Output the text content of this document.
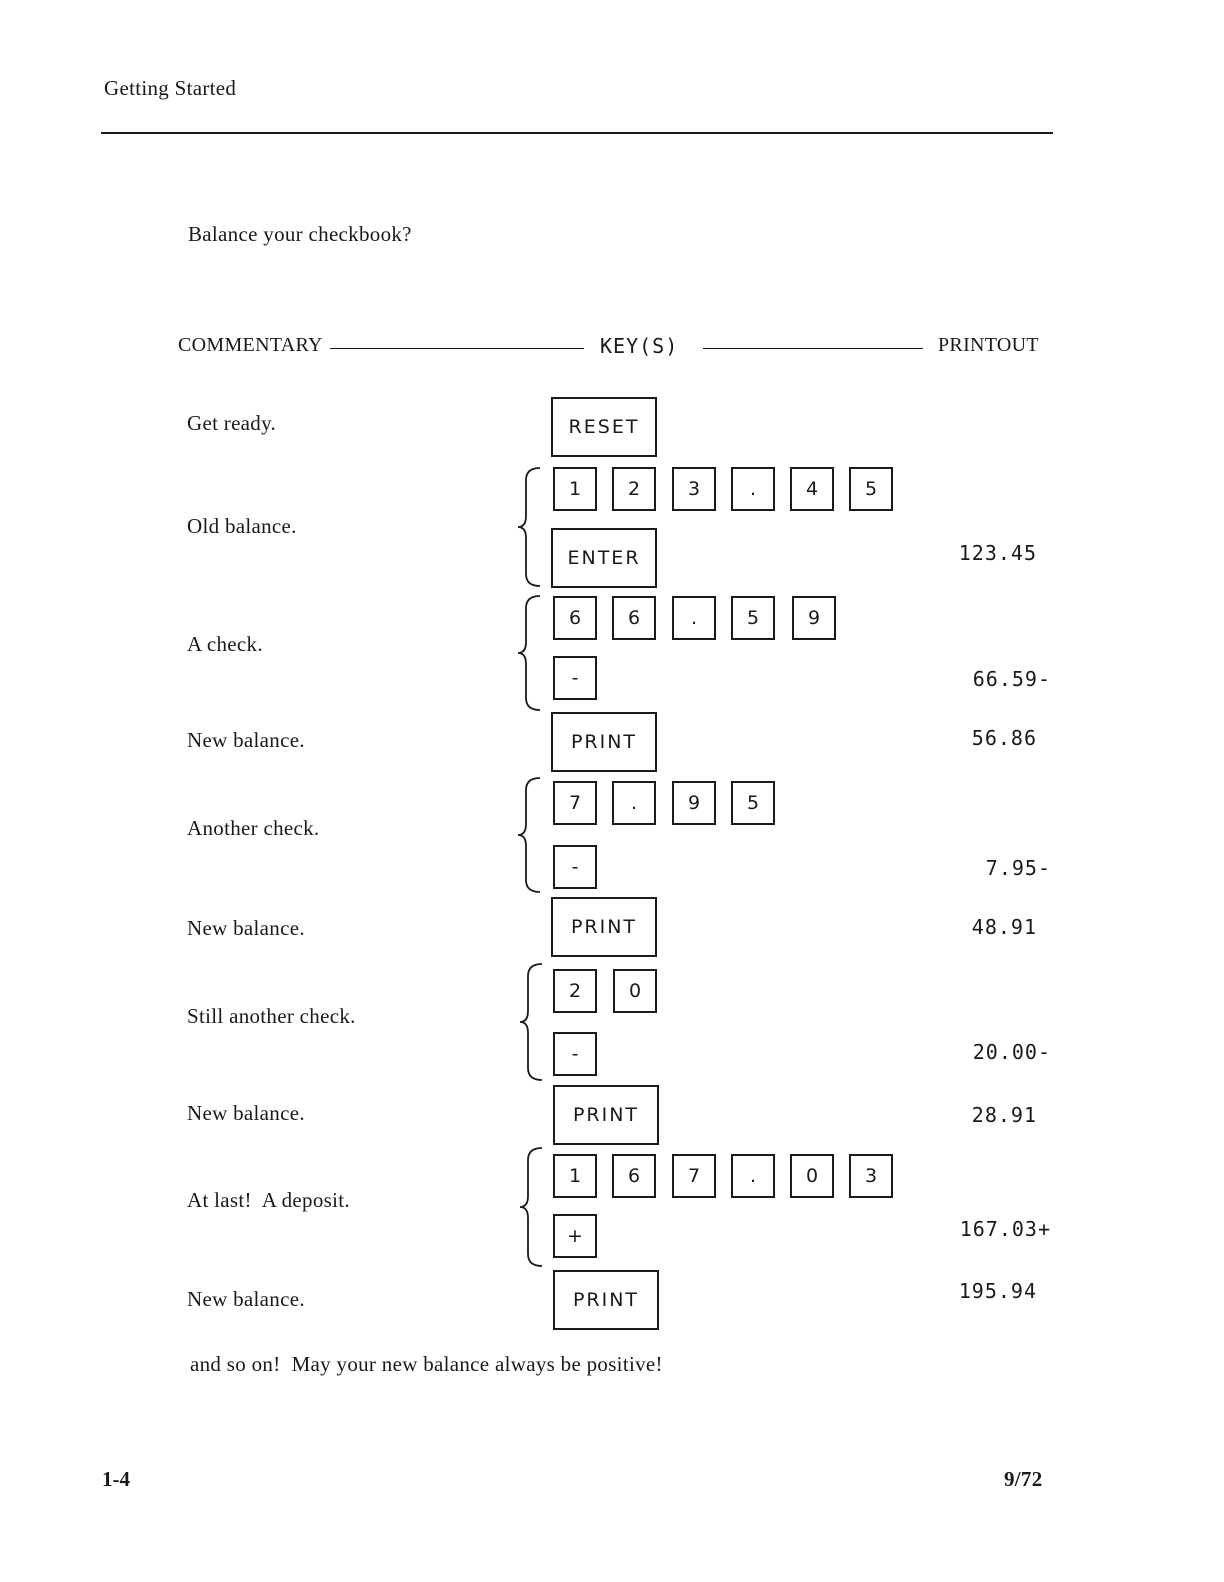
Getting Started
Balance your checkbook?
COMMENTARY	KEY(S)	PRINTOUT
Get ready.	RESET
Old balance.
1	2	3	.	4	5
ENTER	123.45
A check.
6	6	.	5	9
-	66.59-
New balance.	PRINT	56.86
Another check.
7	.	9	5
-	7.95-
New balance.	PRINT	48.91
Still another check.
2	0
-	20.00-
New balance.	PRINT	28.91
At last!  A deposit.
1	6	7	.	0	3
+	167.03+
New balance.	PRINT	195.94
and so on!  May your new balance always be positive!
1-4	9/72
